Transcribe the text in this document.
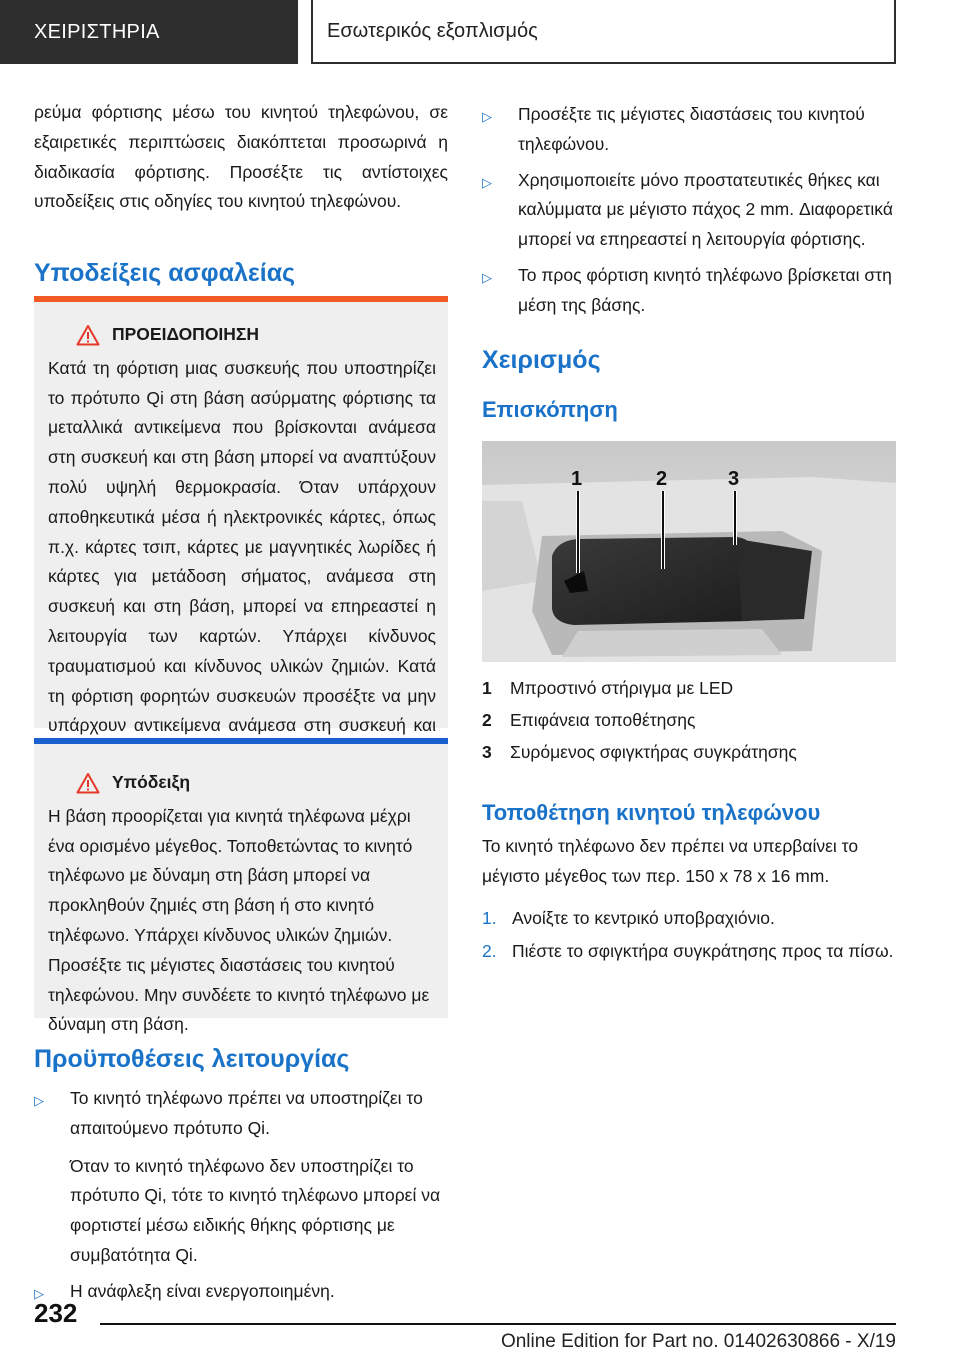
ΧΕΙΡΙΣΤΗΡΙΑ	Εσωτερικός εξοπλισμός

ρεύμα φόρτισης μέσω του κινητού τηλεφώνου, σε εξαιρετικές περιπτώσεις διακόπτεται προσωρινά η διαδικασία φόρτισης. Προσέξτε τις αντίστοιχες υποδείξεις στις οδηγίες του κινητού τηλεφώνου.

Υποδείξεις ασφαλείας
ΠΡΟΕΙΔΟΠΟΙΗΣΗ

Κατά τη φόρτιση μιας συσκευής που υποστηρίζει το πρότυπο Qi στη βάση ασύρματης φόρτισης τα μεταλλικά αντικείμενα που βρίσκονται ανάμεσα στη συσκευή και στη βάση μπορεί να αναπτύξουν πολύ υψηλή θερμοκρασία. Όταν υπάρχουν αποθηκευτικά μέσα ή ηλεκτρονικές κάρτες, όπως π.χ. κάρτες τσιπ, κάρτες με μαγνητικές λωρίδες ή κάρτες για μετάδοση σήματος, ανάμεσα στη συσκευή και στη βάση, μπορεί να επηρεαστεί η λειτουργία των καρτών. Υπάρχει κίνδυνος τραυματισμού και κίνδυνος υλικών ζημιών. Κατά τη φόρτιση φορητών συσκευών προσέξτε να μην υπάρχουν αντικείμενα ανάμεσα στη συσκευή και

Υπόδειξη

Η βάση προορίζεται για κινητά τηλέφωνα μέχρι ένα ορισμένο μέγεθος. Τοποθετώντας το κινητό τηλέφωνο με δύναμη στη βάση μπορεί να προκληθούν ζημιές στη βάση ή στο κινητό τηλέφωνο. Υπάρχει κίνδυνος υλικών ζημιών. Προσέξτε τις μέγιστες διαστάσεις του κινητού τηλεφώνου. Μην συνδέετε το κινητό τηλέφωνο με δύναμη στη βάση.

Προϋποθέσεις λειτουργίας
▷	Το κινητό τηλέφωνο πρέπει να υποστηρίζει το απαιτούμενο πρότυπο Qi.

Όταν το κινητό τηλέφωνο δεν υποστηρίζει το πρότυπο Qi, τότε το κινητό τηλέφωνο μπορεί να φορτιστεί μέσω ειδικής θήκης φόρτισης με συμβατότητα Qi.

▷	Η ανάφλεξη είναι ενεργοποιημένη.

▷	Προσέξτε τις μέγιστες διαστάσεις του κινητού τηλεφώνου.

▷	Χρησιμοποιείτε μόνο προστατευτικές θήκες και καλύμματα με μέγιστο πάχος 2 mm. Διαφορετικά μπορεί να επηρεαστεί η λειτουργία φόρτισης.

▷	Το προς φόρτιση κινητό τηλέφωνο βρίσκεται στη μέση της βάσης.

Χειρισμός
Επισκόπηση
1	2	3
1	Μπροστινό στήριγμα με LED
2	Επιφάνεια τοποθέτησης
3	Συρόμενος σφιγκτήρας συγκράτησης
Τοποθέτηση κινητού τηλεφώνου

Το κινητό τηλέφωνο δεν πρέπει να υπερβαίνει το μέγιστο μέγεθος των περ. 150 x 78 x 16 mm.

1. Ανοίξτε το κεντρικό υποβραχιόνιο.
2. Πιέστε το σφιγκτήρα συγκράτησης προς τα πίσω.
232
Online Edition for Part no. 01402630866 - X/19
